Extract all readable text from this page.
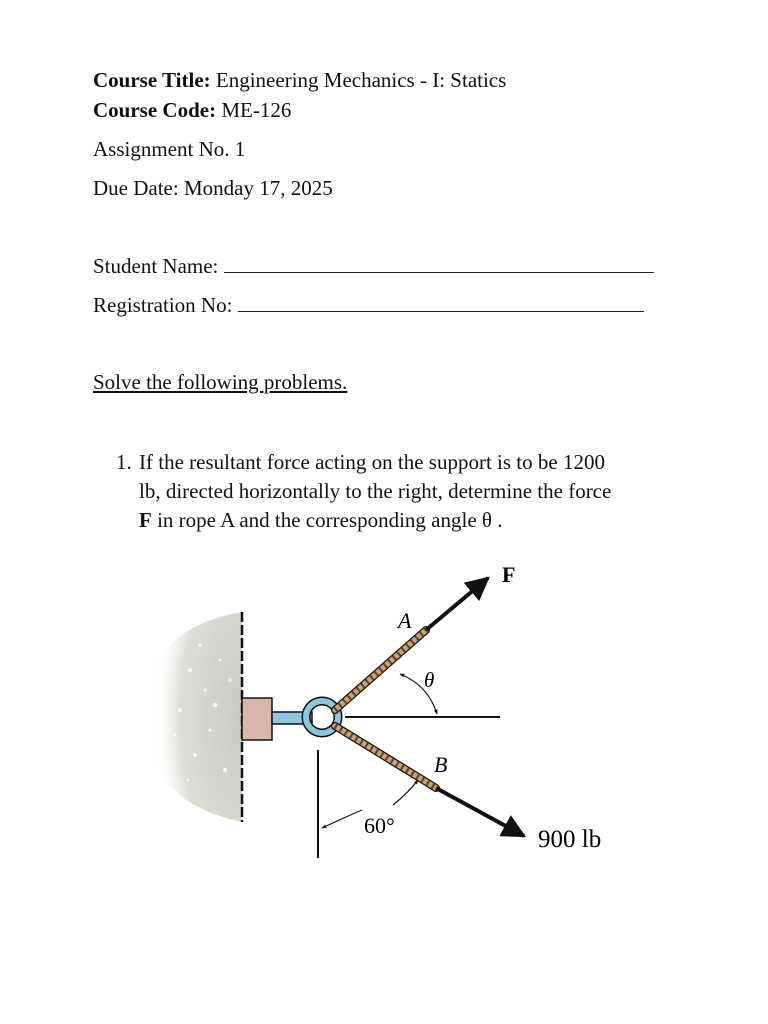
Course Title: Engineering Mechanics - I: Statics
Course Code: ME-126
Assignment No. 1
Due Date: Monday 17, 2025
Student Name:
Registration No:
Solve the following problems.
1. If the resultant force acting on the support is to be 1200
lb, directed horizontally to the right, determine the force
F in rope A and the corresponding angle θ .
F
A
θ
B
60°
900 lb
